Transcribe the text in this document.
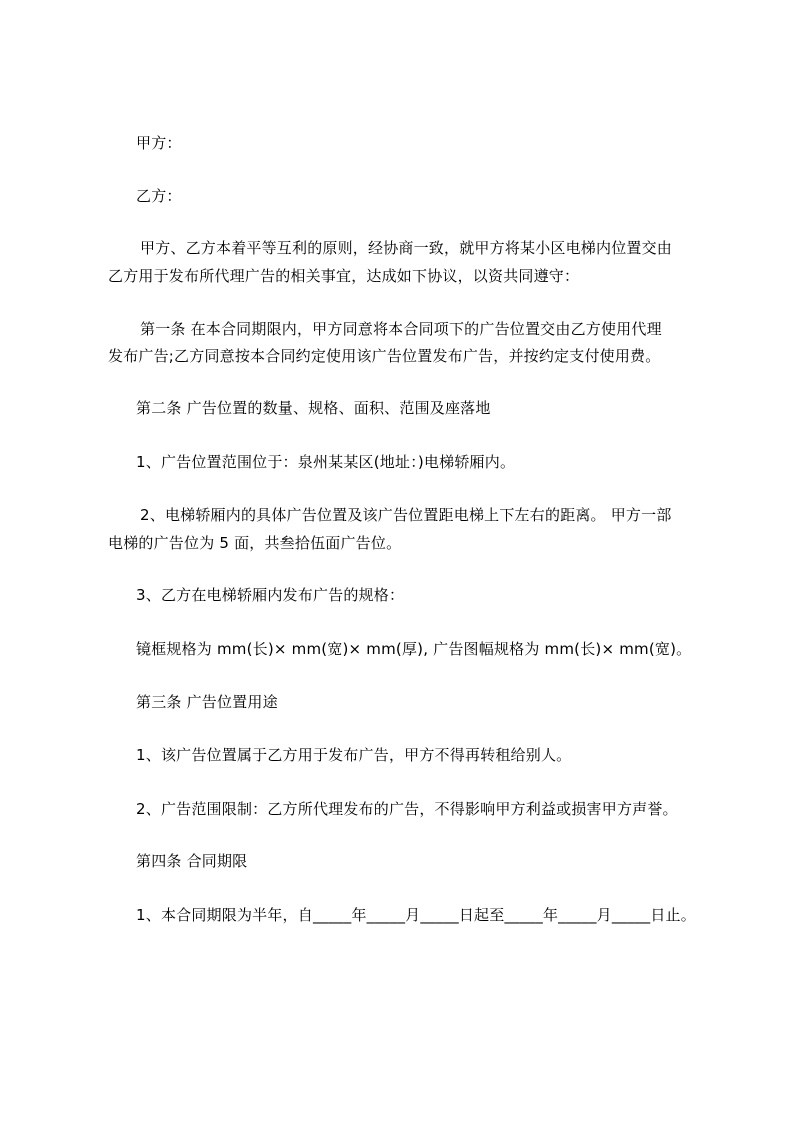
甲方：
乙方：
甲方、乙方本着平等互利的原则，经协商一致，就甲方将某小区电梯内位置交由
乙方用于发布所代理广告的相关事宜，达成如下协议，以资共同遵守：
第一条 在本合同期限内，甲方同意将本合同项下的广告位置交由乙方使用代理
发布广告;乙方同意按本合同约定使用该广告位置发布广告，并按约定支付使用费。
第二条 广告位置的数量、规格、面积、范围及座落地
1、广告位置范围位于：泉州某某区(地址：)电梯轿厢内。
2、电梯轿厢内的具体广告位置及该广告位置距电梯上下左右的距离。 甲方一部
电梯的广告位为 5 面，共叁拾伍面广告位。
3、乙方在电梯轿厢内发布广告的规格：
镜框规格为 mm(长)× mm(宽)× mm(厚), 广告图幅规格为 mm(长)× mm(宽)。
第三条 广告位置用途
1、该广告位置属于乙方用于发布广告，甲方不得再转租给别人。
2、广告范围限制：乙方所代理发布的广告，不得影响甲方利益或损害甲方声誉。
第四条 合同期限
1、本合同期限为半年，自_____年_____月_____日起至_____年_____月_____日止。
